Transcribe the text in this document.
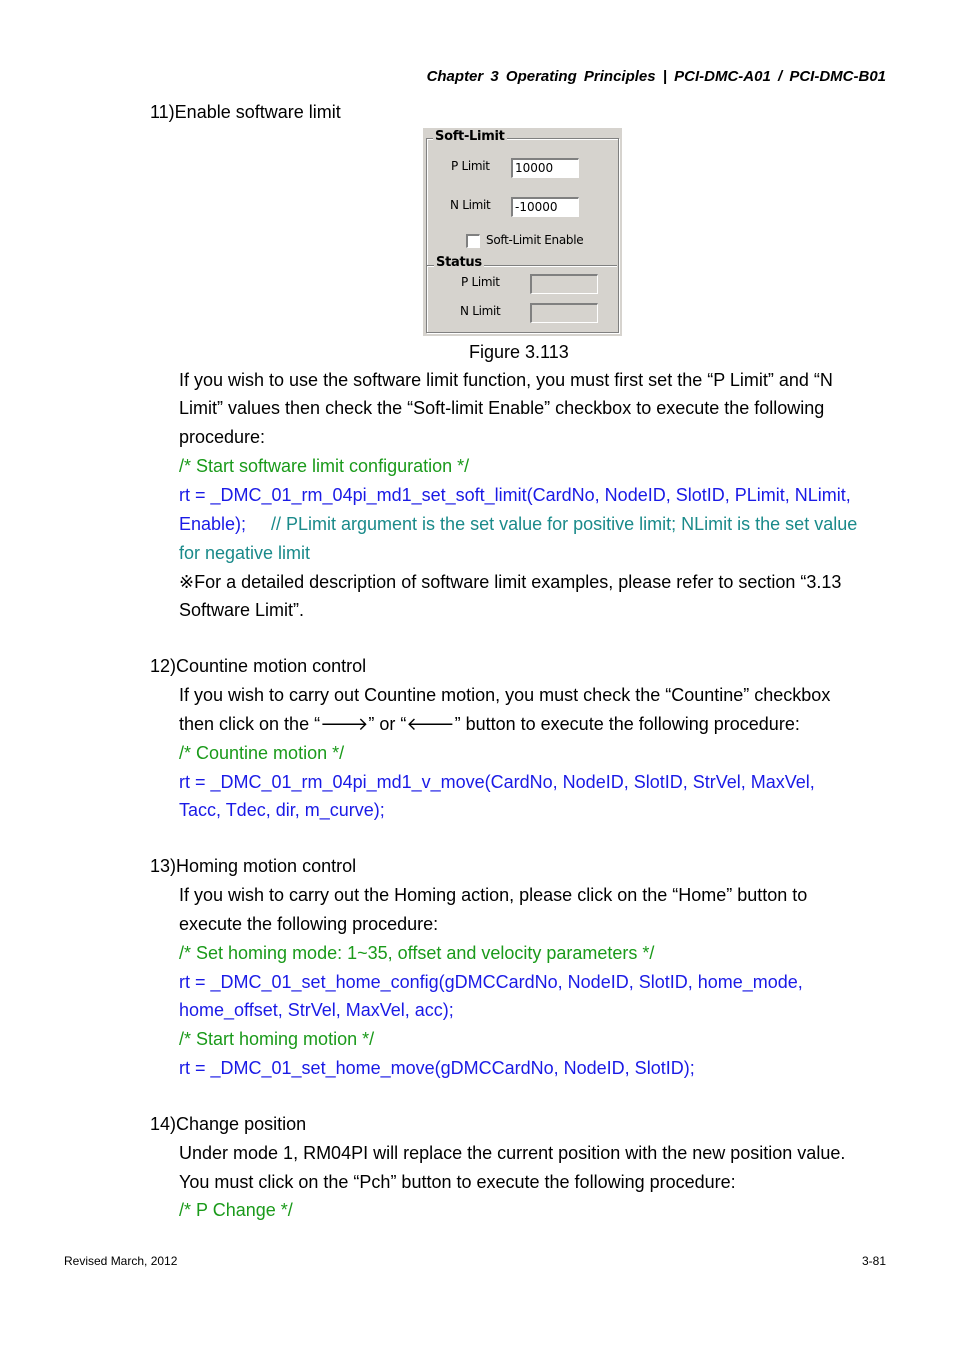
Chapter 3 Operating Principles | PCI-DMC-A01 / PCI-DMC-B01
11)Enable software limit
Soft-Limit
P Limit	10000
N Limit	-10000
Soft-Limit Enable
Status
P Limit
N Limit
Figure 3.113
If you wish to use the software limit function, you must first set the “P Limit” and “N
Limit” values then check the “Soft-limit Enable” checkbox to execute the following
procedure:
/* Start software limit configuration */
rt = _DMC_01_rm_04pi_md1_set_soft_limit(CardNo, NodeID, SlotID, PLimit, NLimit,
Enable); // PLimit argument is the set value for positive limit; NLimit is the set value
for negative limit
※For a detailed description of software limit examples, please refer to section “3.13
Software Limit”.
12)Countine motion control
If you wish to carry out Countine motion, you must check the “Countine” checkbox
then click on the “🡒” or “🡐” button to execute the following procedure:
/* Countine motion */
rt = _DMC_01_rm_04pi_md1_v_move(CardNo, NodeID, SlotID, StrVel, MaxVel,
Tacc, Tdec, dir, m_curve);
13)Homing motion control
If you wish to carry out the Homing action, please click on the “Home” button to
execute the following procedure:
/* Set homing mode: 1~35, offset and velocity parameters */
rt = _DMC_01_set_home_config(gDMCCardNo, NodeID, SlotID, home_mode,
home_offset, StrVel, MaxVel, acc);
/* Start homing motion */
rt = _DMC_01_set_home_move(gDMCCardNo, NodeID, SlotID);
14)Change position
Under mode 1, RM04PI will replace the current position with the new position value.
You must click on the “Pch” button to execute the following procedure:
/* P Change */
Revised March, 2012	3-81
